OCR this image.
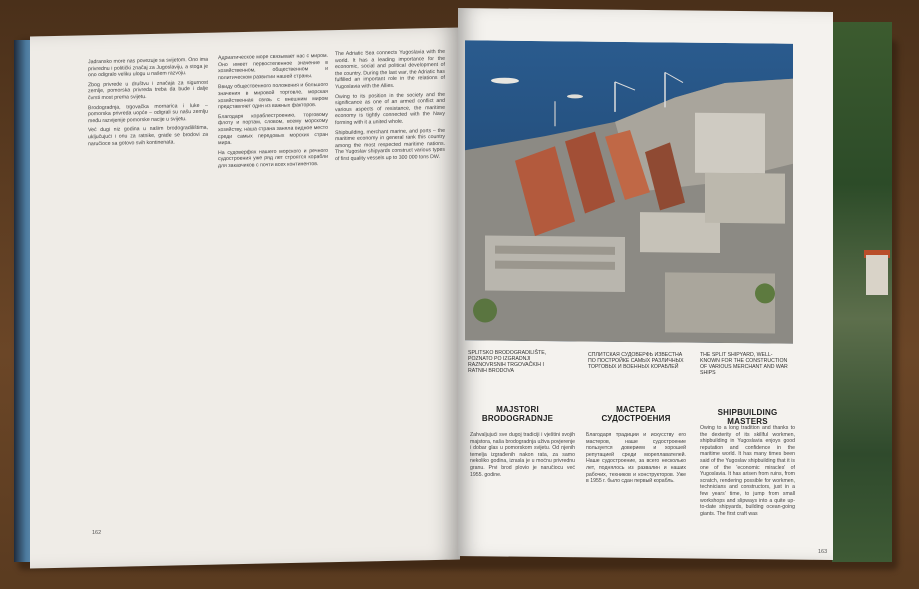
Jadransko more nas povezuje sa svijetom. Ono ima privrednu i politički značaj za Jugoslaviju, a stoga je ono odigralo veliku ulogu u našem razvoju.

Zbog privrede u društvu i značaja za sigurnost zemlje, pomorska privreda treba da bude i dalje čvrsti most prema svijetu.

Brodogradnja, trgovačka mornarica i luke – pomorska privreda uopće – odigrali su našu zemlju među razvijenije pomorske nacije u svijetu.

Već dugi niz godina u našim brodogradilištima, uključujući i onu za ratnike, grade se brodovi za naručioce sa gotovo svih kontinenata.

Адриатическое море связывает нас с миром. Оно имеет первостепенное значение в хозяйственном, общественном и политическом развитии нашей страны.

Ввиду общественного положения и большого значения в мировой торговле, морская хозяйственная связь с внешним миром представляет один из важных факторов.

Благодаря кораблестроению, торговому флоту и портам, словом, всему морскому хозяйству, наша страна заняла видное место среди самых передовых морских стран мира.

На судоверфях нашего морского и речного судостроения уже ряд лет строятся корабли для заказчиков с почти всех континентов.

The Adriatic Sea connects Yugoslavia with the world. It has a leading importance for the economic, social and political development of the country. During the last war, the Adriatic has fulfilled an important role in the relations of Yugoslavia with the Allies.

Owing to its position in the society and the significance as one of an armed conflict and various aspects of resistance, the maritime economy is tightly connected with the Navy forming with it a united whole.

Shipbuilding, merchant marine, and ports – the maritime economy in general rank this country among the most respected maritime nations. The Yugoslav shipyards construct various types of first quality vessels up to 300 000 tons DW.

162
SPLITSKO BRODOGRADILIŠTE, POZNATO PO IZGRADNJI RAZNOVRSNIH TRGOVAČKIH I RATNIH BRODOVA
СПЛИТСКАЯ СУДОВЕРФЬ ИЗВЕСТНА ПО ПОСТРОЙКЕ САМЫХ РАЗЛИЧНЫХ ТОРГОВЫХ И ВОЕННЫХ КОРАБЛЕЙ
THE SPLIT SHIPYARD, WELL-KNOWN FOR THE CONSTRUCTION OF VARIOUS MERCHANT AND WAR SHIPS
MAJSTORI BRODOGRADNJE
МАСТЕРА СУДОСТРОЕНИЯ
SHIPBUILDING MASTERS

Zahvaljujući sve dugoj tradiciji i vještini svojih majstora, naša brodogradnja uživa povjerenje i dobar glas u pomorskom svijetu. Od njenih temelja izgrađenih nakon rata, za samo nekoliko godina, izrasla je u moćnu privrednu granu. Prvi brod plovio je naručiocu već 1955. godine.

Благодаря традиции и искусству его мастеров, наше судостроение пользуется доверием и хорошей репутацией среди мореплавателей. Наше судостроение, за всего несколько лет, поднялось из развалин и наших рабочих, техников и конструкторов. Уже в 1955 г. было сдан первый корабль.

Owing to a long tradition and thanks to the dexterity of its skillful workmen, shipbuilding in Yugoslavia enjoys good reputation and confidence in the maritime world. It has many times been said of the Yugoslav shipbuilding that it is one of the 'economic miracles' of Yugoslavia. It has arisen from ruins, from scratch, rendering possible for workmen, technicians and constructors, just in a few years' time, to jump from small workshops and slipways into a quite up-to-date shipyards, building ocean-going giants. The first craft was

163
